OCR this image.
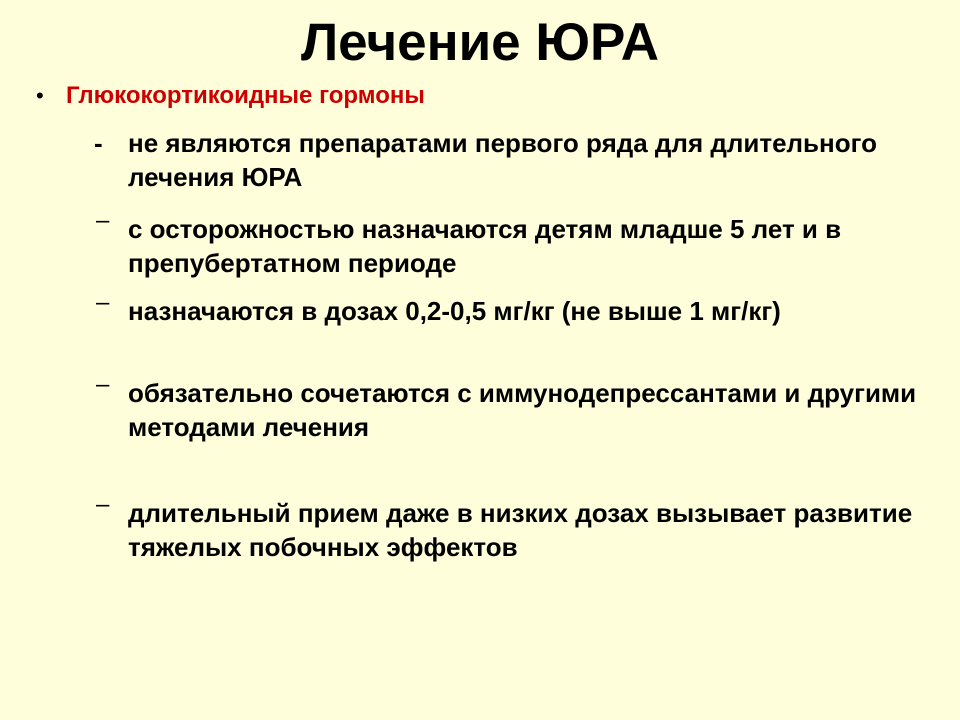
Лечение ЮРА
• Глюкокортикоидные гормоны
- не являются препаратами первого ряда для длительного лечения ЮРА

– с осторожностью назначаются детям младше 5 лет и в препубертатном периоде

– назначаются в дозах 0,2-0,5 мг/кг (не выше 1 мг/кг)

– обязательно сочетаются с иммунодепрессантами и другими методами лечения

– длительный прием даже в низких дозах вызывает развитие тяжелых побочных эффектов
